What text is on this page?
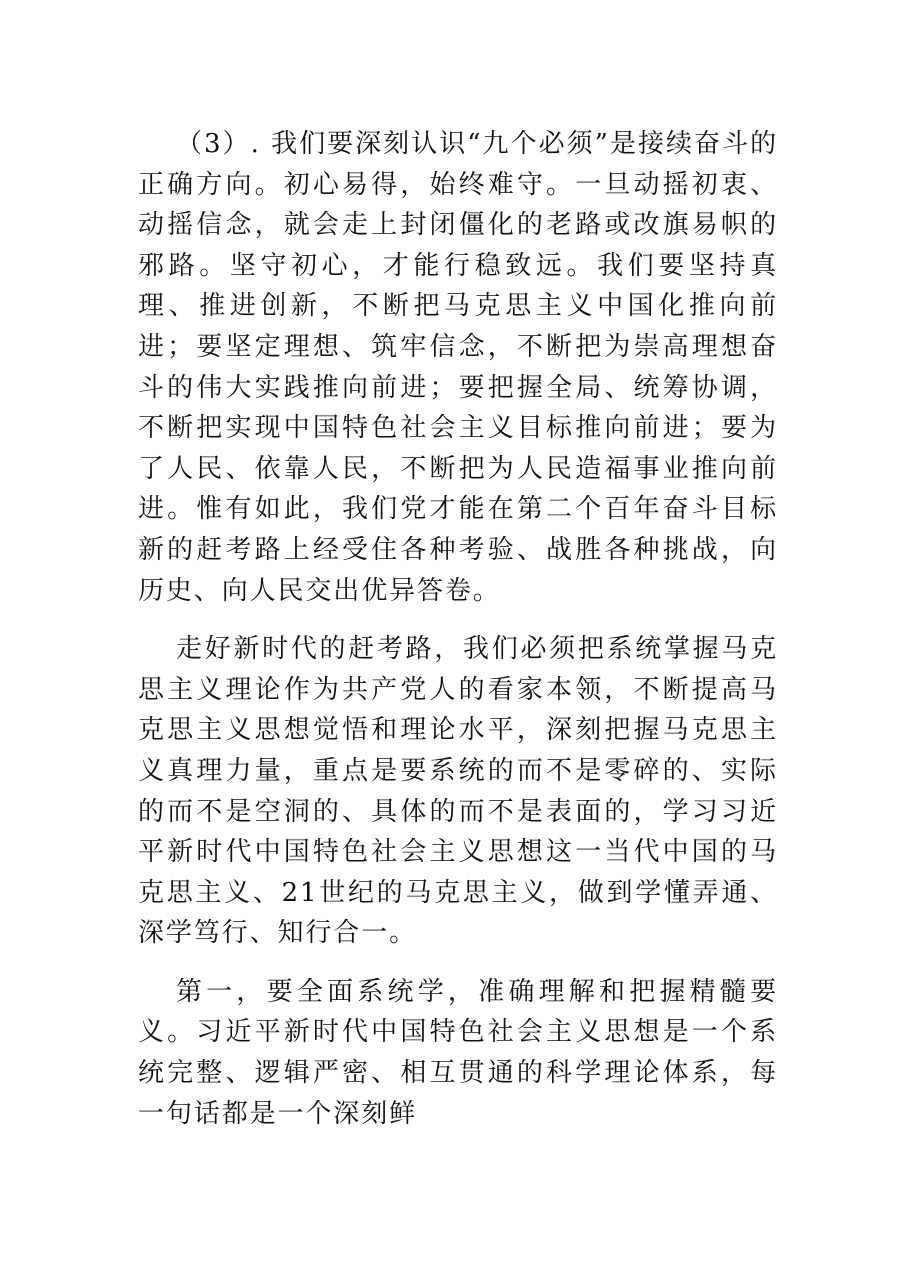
（3）. 我们要深刻认识“九个必须”是接续奋斗的正确方向。初心易得，始终难守。一旦动摇初衷、动摇信念，就会走上封闭僵化的老路或改旗易帜的邪路。坚守初心，才能行稳致远。我们要坚持真理、推进创新，不断把马克思主义中国化推向前进；要坚定理想、筑牢信念，不断把为崇高理想奋斗的伟大实践推向前进；要把握全局、统筹协调，不断把实现中国特色社会主义目标推向前进；要为了人民、依靠人民，不断把为人民造福事业推向前进。惟有如此，我们党才能在第二个百年奋斗目标新的赶考路上经受住各种考验、战胜各种挑战，向历史、向人民交出优异答卷。

走好新时代的赶考路，我们必须把系统掌握马克思主义理论作为共产党人的看家本领，不断提高马克思主义思想觉悟和理论水平，深刻把握马克思主义真理力量，重点是要系统的而不是零碎的、实际的而不是空洞的、具体的而不是表面的，学习习近平新时代中国特色社会主义思想这一当代中国的马克思主义、21世纪的马克思主义，做到学懂弄通、深学笃行、知行合一。

第一，要全面系统学，准确理解和把握精髓要义。习近平新时代中国特色社会主义思想是一个系统完整、逻辑严密、相互贯通的科学理论体系，每一句话都是一个深刻鲜
